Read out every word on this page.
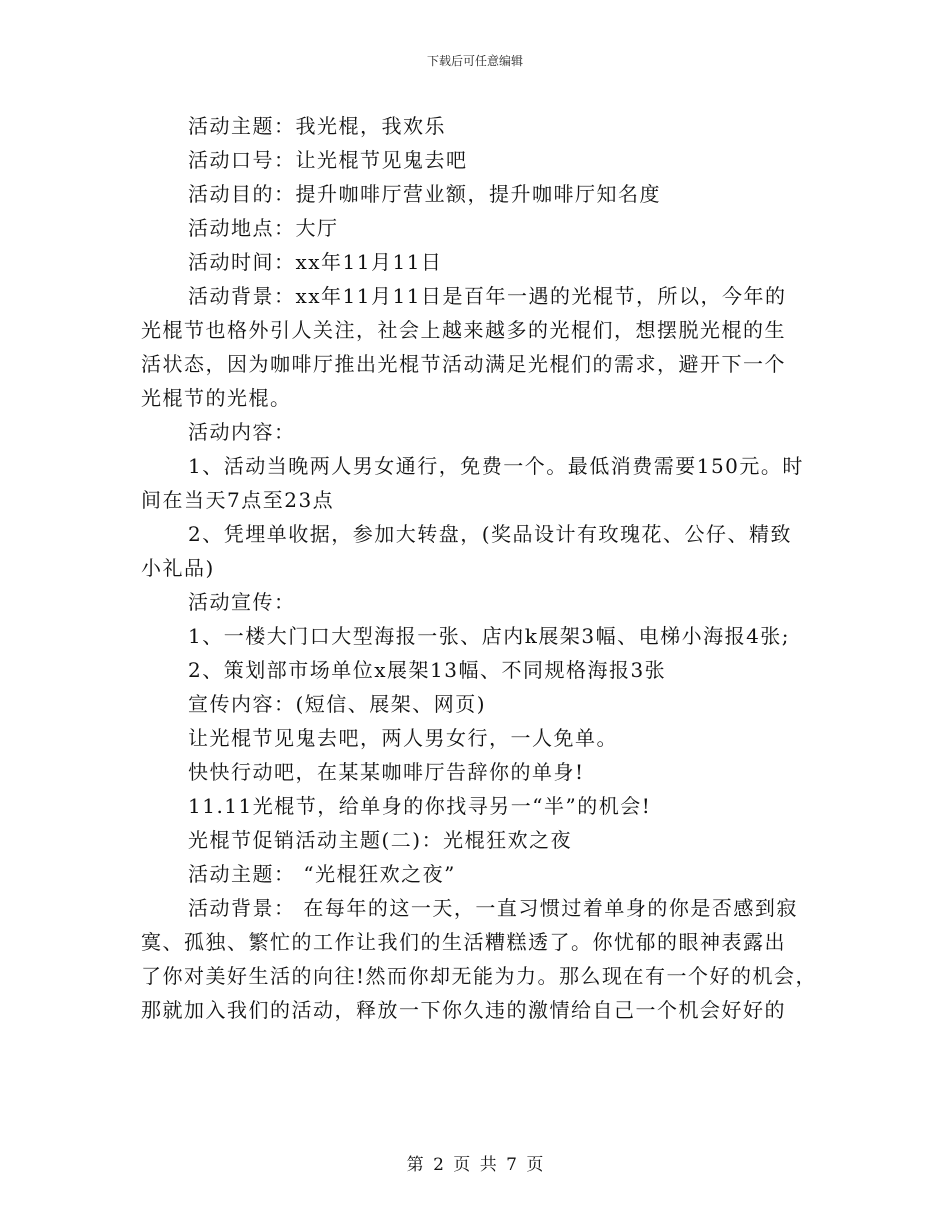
下载后可任意编辑
活动主题：我光棍，我欢乐
活动口号：让光棍节见鬼去吧
活动目的：提升咖啡厅营业额，提升咖啡厅知名度
活动地点：大厅
活动时间：xx年11月11日
活动背景：xx年11月11日是百年一遇的光棍节，所以，今年的
光棍节也格外引人关注，社会上越来越多的光棍们，想摆脱光棍的生
活状态，因为咖啡厅推出光棍节活动满足光棍们的需求，避开下一个
光棍节的光棍。
活动内容：
1、活动当晚两人男女通行，免费一个。最低消费需要150元。时
间在当天7点至23点
2、凭埋单收据，参加大转盘，(奖品设计有玫瑰花、公仔、精致
小礼品)
活动宣传：
1、一楼大门口大型海报一张、店内k展架3幅、电梯小海报4张;
2、策划部市场单位x展架13幅、不同规格海报3张
宣传内容：(短信、展架、网页)
让光棍节见鬼去吧，两人男女行，一人免单。
快快行动吧，在某某咖啡厅告辞你的单身!
11.11光棍节，给单身的你找寻另一“半”的机会!
光棍节促销活动主题(二)：光棍狂欢之夜
活动主题： “光棍狂欢之夜”
活动背景： 在每年的这一天，一直习惯过着单身的你是否感到寂
寞、孤独、繁忙的工作让我们的生活糟糕透了。你忧郁的眼神表露出
了你对美好生活的向往!然而你却无能为力。那么现在有一个好的机会，
那就加入我们的活动，释放一下你久违的激情给自己一个机会好好的
第 2 页 共 7 页
